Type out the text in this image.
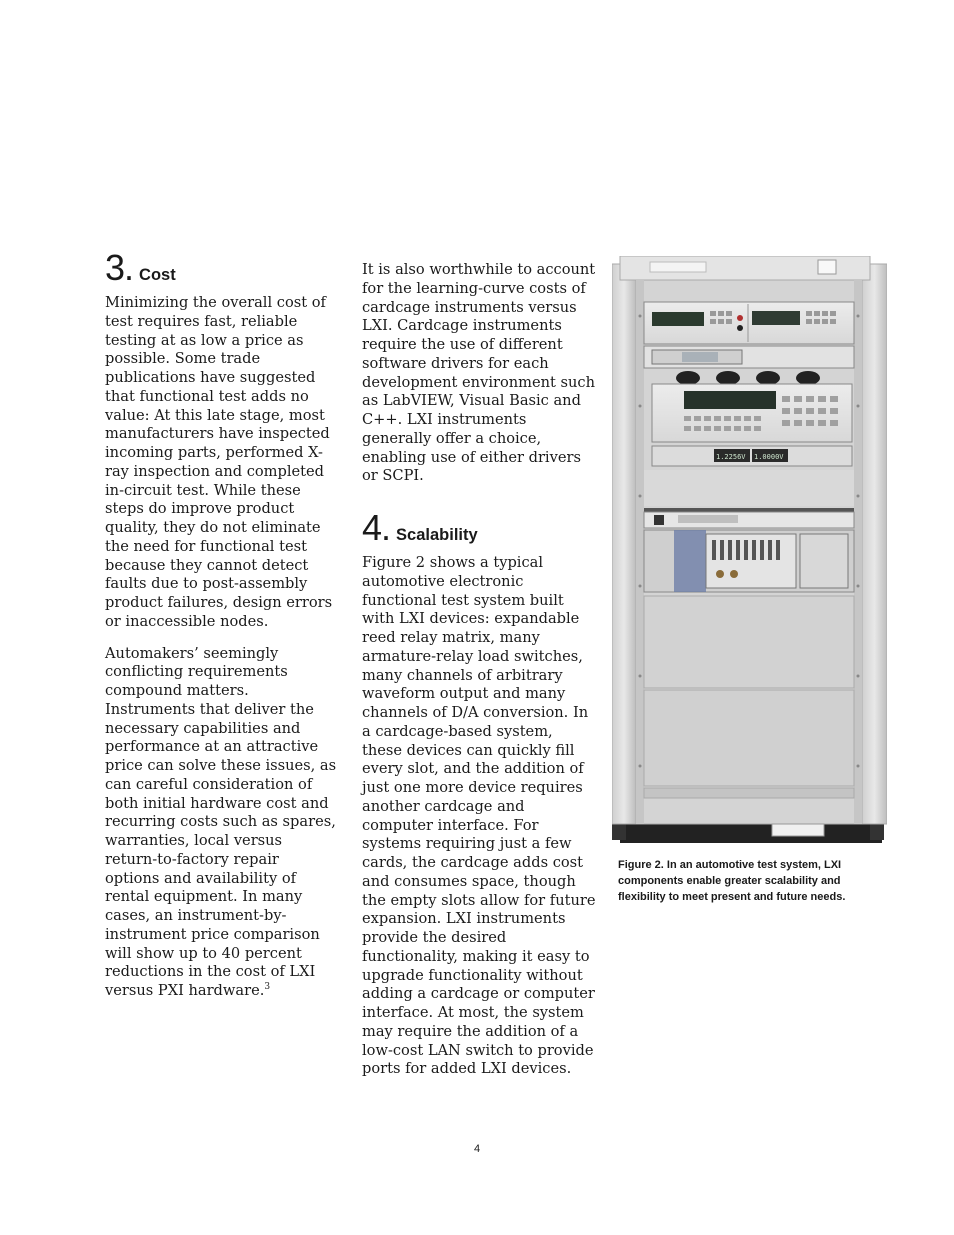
3. Cost

Minimizing the overall cost of test requires fast, reliable testing at as low a price as possible. Some trade publications have suggested that functional test adds no value: At this late stage, most manufacturers have inspected incoming parts, performed X-ray inspection and completed in-circuit test. While these steps do improve product quality, they do not eliminate the need for functional test because they cannot detect faults due to post-assembly product failures, design errors or inaccessible nodes.

Automakers’ seemingly conflicting requirements compound matters. Instruments that deliver the necessary capabilities and performance at an attractive price can solve these issues, as can careful consideration of both initial hardware cost and recurring costs such as spares, warranties, local versus return-to-factory repair options and availability of rental equipment. In many cases, an instrument-by-instrument price comparison will show up to 40 percent reductions in the cost of LXI versus PXI hardware.$^3$

It is also worthwhile to account for the learning-curve costs of cardcage instruments versus LXI. Cardcage instruments require the use of different software drivers for each development environment such as LabVIEW, Visual Basic and C++. LXI instruments generally offer a choice, enabling use of either drivers or SCPI.

4. Scalability

Figure 2 shows a typical automotive electronic functional test system built with LXI devices: expandable reed relay matrix, many armature-relay load switches, many channels of arbitrary waveform output and many channels of D/A conversion. In a cardcage-based system, these devices can quickly fill every slot, and the addition of just one more device requires another cardcage and computer interface. For systems requiring just a few cards, the cardcage adds cost and consumes space, though the empty slots allow for future expansion. LXI instruments provide the desired functionality, making it easy to upgrade functionality without adding a cardcage or computer interface. At most, the system may require the addition of a low-cost LAN switch to provide ports for added LXI devices.

1.2256V 1.0000V
Figure 2. In an automotive test system, LXI components enable greater scalability and flexibility to meet present and future needs.
4
